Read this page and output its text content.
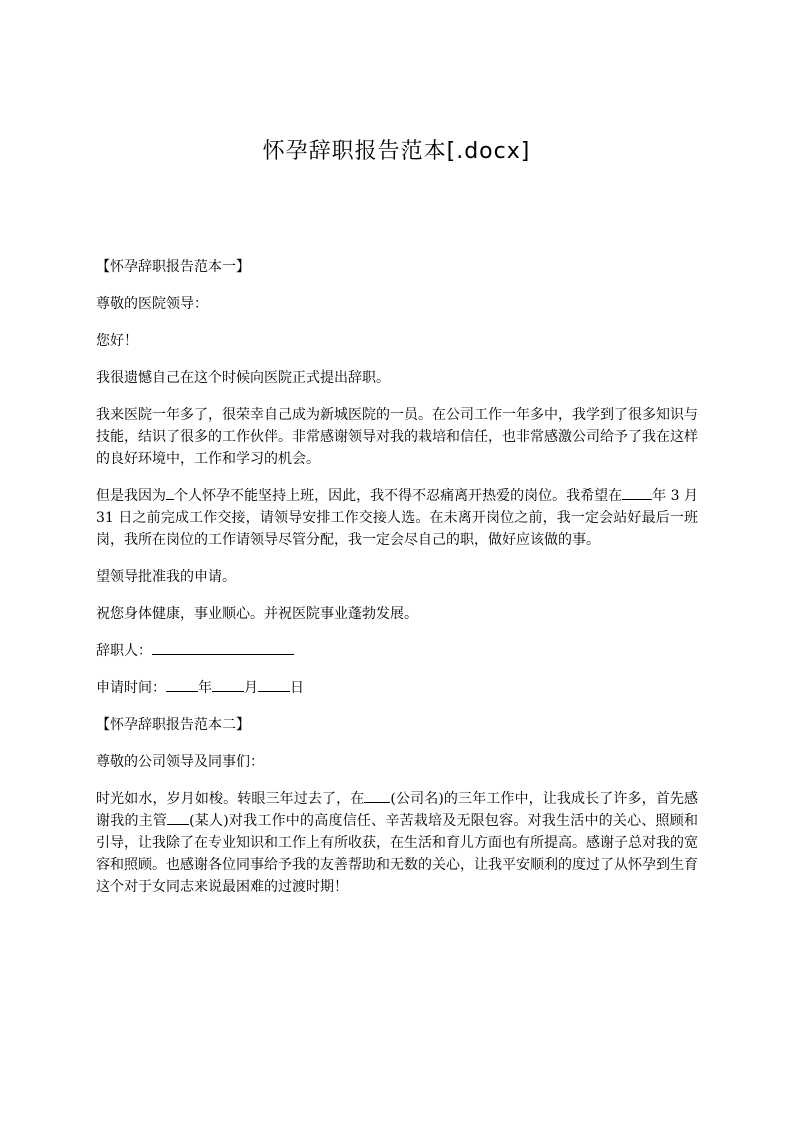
怀孕辞职报告范本[.docx]

【怀孕辞职报告范本一】

尊敬的医院领导：

您好！

我很遗憾自己在这个时候向医院正式提出辞职。

我来医院一年多了，很荣幸自己成为新城医院的一员。在公司工作一年多中，我学到了很多知识与技能，结识了很多的工作伙伴。非常感谢领导对我的栽培和信任，也非常感激公司给予了我在这样的良好环境中，工作和学习的机会。

但是我因为 个人怀孕不能坚持上班，因此，我不得不忍痛离开热爱的岗位。我希望在 年 3 月 31 日之前完成工作交接，请领导安排工作交接人选。在未离开岗位之前，我一定会站好最后一班岗，我所在岗位的工作请领导尽管分配，我一定会尽自己的职，做好应该做的事。

望领导批准我的申请。

祝您身体健康，事业顺心。并祝医院事业蓬勃发展。

辞职人：

申请时间： 年 月 日

【怀孕辞职报告范本二】

尊敬的公司领导及同事们：

时光如水，岁月如梭。转眼三年过去了，在 (公司名)的三年工作中，让我成长了许多，首先感谢我的主管 (某人)对我工作中的高度信任、辛苦栽培及无限包容。对我生活中的关心、照顾和引导，让我除了在专业知识和工作上有所收获，在生活和育儿方面也有所提高。感谢子总对我的宽容和照顾。也感谢各位同事给予我的友善帮助和无数的关心，让我平安顺利的度过了从怀孕到生育这个对于女同志来说最困难的过渡时期！
